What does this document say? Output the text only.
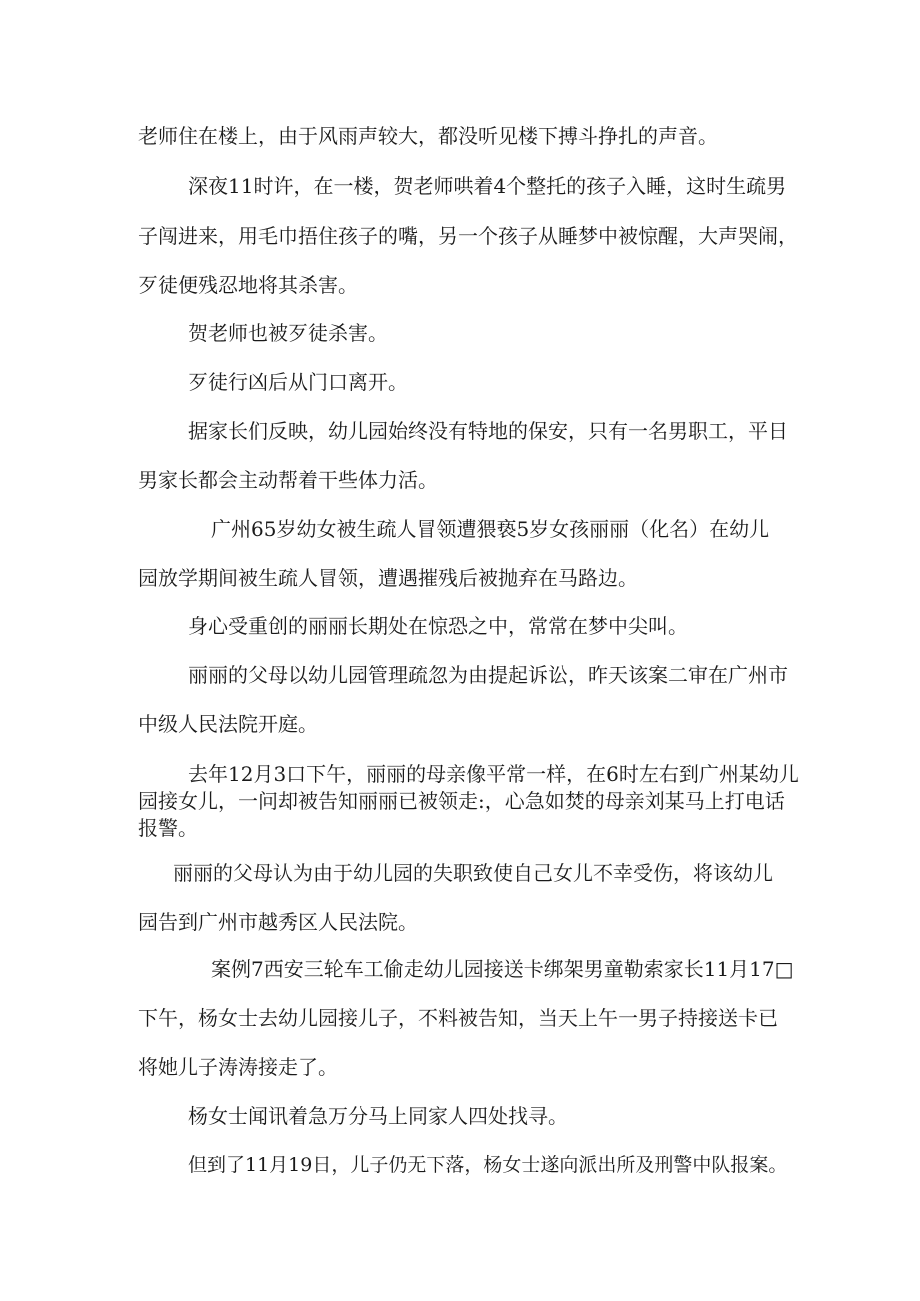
老师住在楼上，由于风雨声较大，都没听见楼下搏斗挣扎的声音。

深夜11时许，在一楼，贺老师哄着4个整托的孩子入睡，这时生疏男

子闯进来，用毛巾捂住孩子的嘴，另一个孩子从睡梦中被惊醒，大声哭闹，

歹徒便残忍地将其杀害。

贺老师也被歹徒杀害。

歹徒行凶后从门口离开。

据家长们反映，幼儿园始终没有特地的保安，只有一名男职工，平日

男家长都会主动帮着干些体力活。

广州65岁幼女被生疏人冒领遭猥亵5岁女孩丽丽（化名）在幼儿

园放学期间被生疏人冒领，遭遇摧残后被抛弃在马路边。

身心受重创的丽丽长期处在惊恐之中，常常在梦中尖叫。

丽丽的父母以幼儿园管理疏忽为由提起诉讼，昨天该案二审在广州市

中级人民法院开庭。

去年12月3口下午，丽丽的母亲像平常一样，在6时左右到广州某幼儿

园接女儿，一问却被告知丽丽已被领走:，心急如焚的母亲刘某马上打电话

报警。

丽丽的父母认为由于幼儿园的失职致使自己女儿不幸受伤，将该幼儿

园告到广州市越秀区人民法院。

案例7西安三轮车工偷走幼儿园接送卡绑架男童勒索家长11月17□

下午，杨女士去幼儿园接儿子，不料被告知，当天上午一男子持接送卡已

将她儿子涛涛接走了。

杨女士闻讯着急万分马上同家人四处找寻。

但到了11月19日，儿子仍无下落，杨女士遂向派出所及刑警中队报案。
